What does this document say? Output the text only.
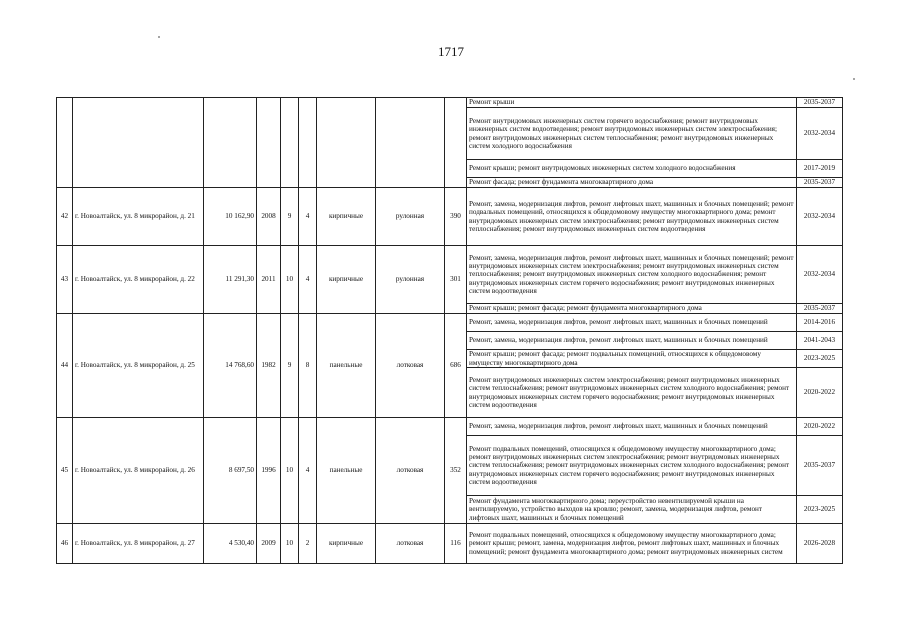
1717
									Ремонт крыши	2035-2037
									Ремонт внутридомовых инженерных систем горячего водоснабжения; ремонт внутридомовых инженерных систем водоотведения; ремонт внутридомовых инженерных систем электроснабжения; ремонт внутридомовых инженерных систем теплоснабжения; ремонт внутридомовых инженерных систем холодного водоснабжения	2032-2034
									Ремонт крыши; ремонт внутридомовых инженерных систем холодного водоснабжения	2017-2019
									Ремонт фасада; ремонт фундамента многоквартирного дома	2035-2037
42	г. Новоалтайск, ул. 8 микрорайон, д. 21	10 162,90	2008	9	4	кирпичные	рулонная	390	Ремонт, замена, модернизация лифтов, ремонт лифтовых шахт, машинных и блочных помещений; ремонт подвальных помещений, относящихся к общедомовому имуществу многоквартирного дома; ремонт внутридомовых инженерных систем электроснабжения; ремонт внутридомовых инженерных систем теплоснабжения; ремонт внутридомовых инженерных систем водоотведения	2032-2034
43	г. Новоалтайск, ул. 8 микрорайон, д. 22	11 291,30	2011	10	4	кирпичные	рулонная	301	Ремонт, замена, модернизация лифтов, ремонт лифтовых шахт, машинных и блочных помещений; ремонт внутридомовых инженерных систем электроснабжения; ремонт внутридомовых инженерных систем теплоснабжения; ремонт внутридомовых инженерных систем холодного водоснабжения; ремонт внутридомовых инженерных систем горячего водоснабжения; ремонт внутридомовых инженерных систем водоотведения	2032-2034
									Ремонт крыши; ремонт фасада; ремонт фундамента многоквартирного дома	2035-2037
44	г. Новоалтайск, ул. 8 микрорайон, д. 25	14 768,60	1982	9	8	панельные	лотковая	686	Ремонт, замена, модернизация лифтов, ремонт лифтовых шахт, машинных и блочных помещений	2014-2016
									Ремонт, замена, модернизация лифтов, ремонт лифтовых шахт, машинных и блочных помещений	2041-2043
									Ремонт крыши; ремонт фасада; ремонт подвальных помещений, относящихся к общедомовому имуществу многоквартирного дома	2023-2025
									Ремонт внутридомовых инженерных систем электроснабжения; ремонт внутридомовых инженерных систем теплоснабжения; ремонт внутридомовых инженерных систем холодного водоснабжения; ремонт внутридомовых инженерных систем горячего водоснабжения; ремонт внутридомовых инженерных систем водоотведения	2020-2022
45	г. Новоалтайск, ул. 8 микрорайон, д. 26	8 697,50	1996	10	4	панельные	лотковая	352	Ремонт, замена, модернизация лифтов, ремонт лифтовых шахт, машинных и блочных помещений	2020-2022
									Ремонт подвальных помещений, относящихся к общедомовому имуществу многоквартирного дома; ремонт внутридомовых инженерных систем электроснабжения; ремонт внутридомовых инженерных систем теплоснабжения; ремонт внутридомовых инженерных систем холодного водоснабжения; ремонт внутридомовых инженерных систем горячего водоснабжения; ремонт внутридомовых инженерных систем водоотведения	2035-2037
									Ремонт фундамента многоквартирного дома; переустройство невентилируемой крыши на вентилируемую, устройство выходов на кровлю; ремонт, замена, модернизация лифтов, ремонт лифтовых шахт, машинных и блочных помещений	2023-2025
46	г. Новоалтайск, ул. 8 микрорайон, д. 27	4 530,40	2009	10	2	кирпичные	лотковая	116	Ремонт подвальных помещений, относящихся к общедомовому имуществу многоквартирного дома; ремонт крыши; ремонт, замена, модернизация лифтов, ремонт лифтовых шахт, машинных и блочных помещений; ремонт фундамента многоквартирного дома; ремонт внутридомовых инженерных систем	2026-2028
